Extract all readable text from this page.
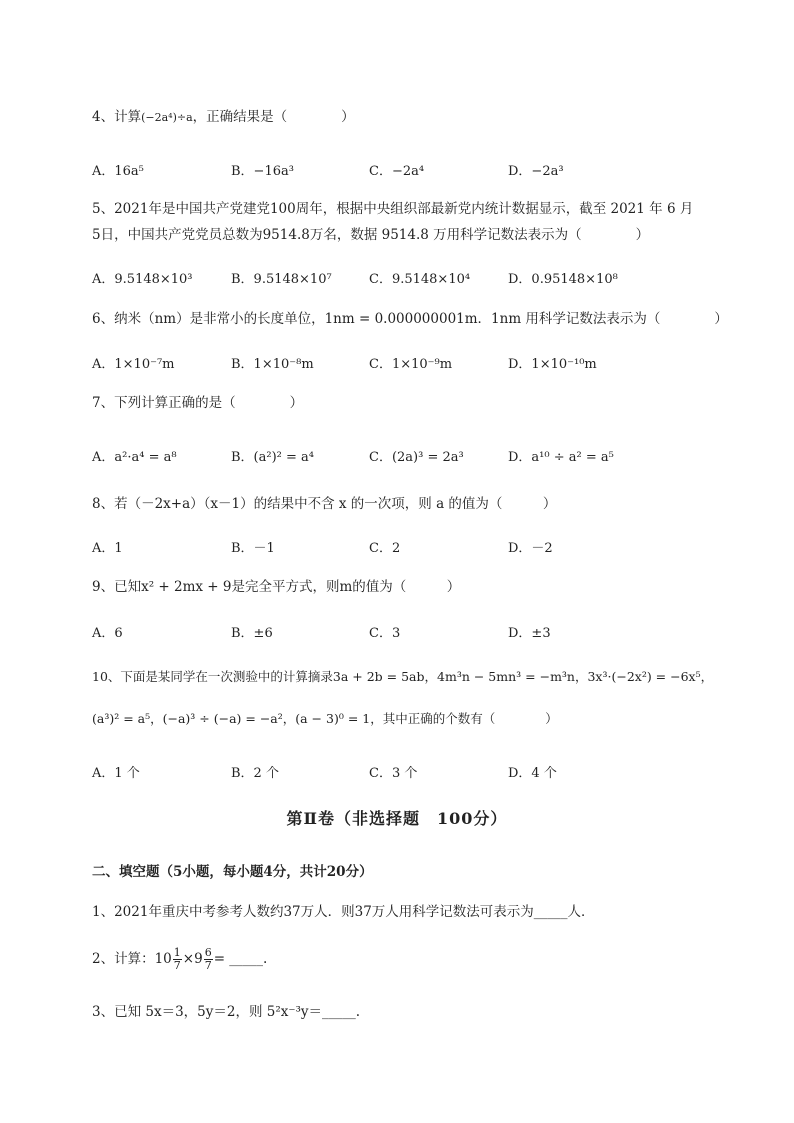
4、计算(−2a⁴)÷a，正确结果是（　　　　）
A．16a⁵	B．−16a³	C．−2a⁴	D．−2a³
5、2021年是中国共产党建党100周年，根据中央组织部最新党内统计数据显示，截至 2021 年 6 月
5日，中国共产党党员总数为9514.8万名，数据 9514.8 万用科学记数法表示为（　　　　）
A．9.5148×10³	B．9.5148×10⁷	C．9.5148×10⁴	D．0.95148×10⁸
6、纳米（nm）是非常小的长度单位，1nm = 0.000000001m．1nm 用科学记数法表示为（　　　　）
A．1×10⁻⁷m	B．1×10⁻⁸m	C．1×10⁻⁹m	D．1×10⁻¹⁰m
7、下列计算正确的是（　　　　）
A．a²·a⁴ = a⁸	B．(a²)² = a⁴	C．(2a)³ = 2a³	D．a¹⁰ ÷ a² = a⁵
8、若（－2x+a）（x－1）的结果中不含 x 的一次项，则 a 的值为（　　　）
A．1	B．－1	C．2	D．－2
9、已知x² + 2mx + 9是完全平方式，则m的值为（　　　）
A．6	B．±6	C．3	D．±3
10、下面是某同学在一次测验中的计算摘录3a + 2b = 5ab，4m³n − 5mn³ = −m³n，3x³·(−2x²) = −6x⁵，
(a³)² = a⁵，(−a)³ ÷ (−a) = −a²，(a − 3)⁰ = 1，其中正确的个数有（　　　　）
A．1 个	B．2 个	C．3 个	D．4 个
第Ⅱ卷（非选择题　100分）
二、填空题（5小题，每小题4分，共计20分）
1、2021年重庆中考参考人数约37万人．则37万人用科学记数法可表示为_____人．
2、计算：$10 \frac{1}{7} \times 9 \frac{6}{7}$ = _____.
3、已知 5x＝3，5y＝2，则 5²x⁻³y＝_____.
